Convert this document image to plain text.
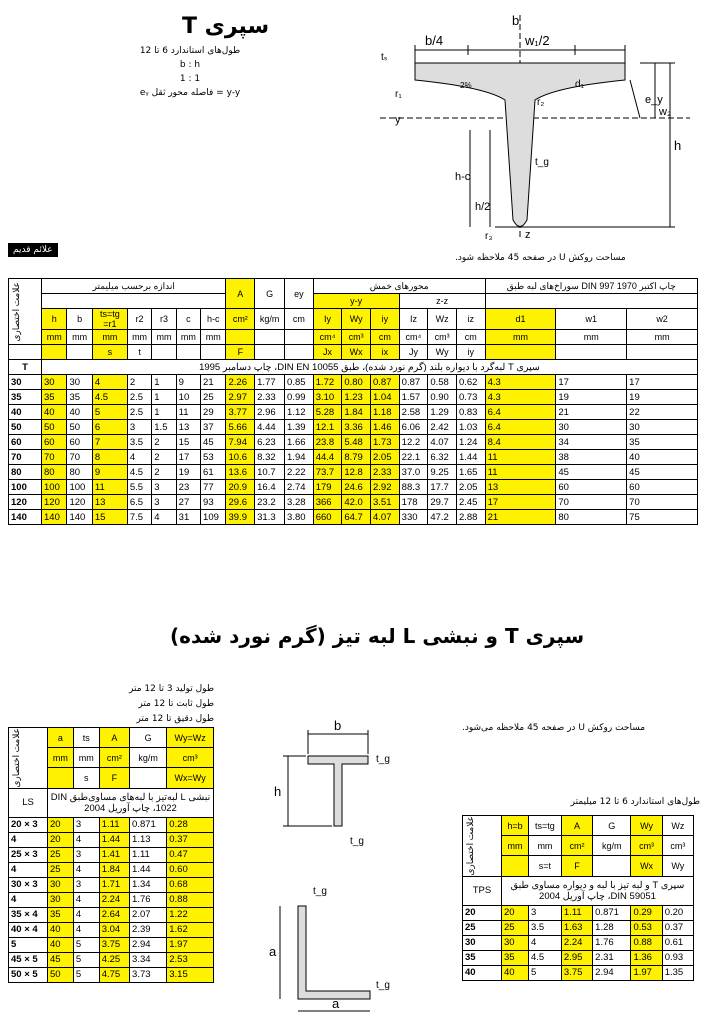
سپری T
طول‌های استاندارد 6 تا 12
b : h
1 : 1
y-y = فاصله محور ثقل eᵧ
b/4	w₁/2
b
tₛ
d₁
e_y
w₂
h
h-c
h/2
t_g
r₁
r₂
r₃
y
z
2%
علائم قدیم
مساحت روکش U در صفحه 45 ملاحظه شود.
علامت اختصاری	اندازه برحسب میلیمتر							A	G	ey	محورهای خمش						سوراخ‌های لبه طبق DIN 997 چاپ اکتبر 1970		
											y-y			z-z					
	h	b	ts=tg =r1	r2	r3	c	h-c	cm²	kg/m	cm	Iy	Wy	iy	Iz	Wz	iz	d1	w1	w2
	mm	mm	mm	mm	mm	mm	mm				cm⁴	cm³	cm	cm⁴	cm³	cm	mm	mm	mm
			s	t				F			Jx	Wx	ix	Jy	Wy	iy			
T	سپری T لبه‌گرد با دیواره بلند (گرم نورد شده)، طبق DIN EN 10055، چاپ دسامبر 1995																		
30	30	30	4	2	1	9	21	2.26	1.77	0.85	1.72	0.80	0.87	0.87	0.58	0.62	4.3	17	17
35	35	35	4.5	2.5	1	10	25	2.97	2.33	0.99	3.10	1.23	1.04	1.57	0.90	0.73	4.3	19	19
40	40	40	5	2.5	1	11	29	3.77	2.96	1.12	5.28	1.84	1.18	2.58	1.29	0.83	6.4	21	22
50	50	50	6	3	1.5	13	37	5.66	4.44	1.39	12.1	3.36	1.46	6.06	2.42	1.03	6.4	30	30
60	60	60	7	3.5	2	15	45	7.94	6.23	1.66	23.8	5.48	1.73	12.2	4.07	1.24	8.4	34	35
70	70	70	8	4	2	17	53	10.6	8.32	1.94	44.4	8.79	2.05	22.1	6.32	1.44	11	38	40
80	80	80	9	4.5	2	19	61	13.6	10.7	2.22	73.7	12.8	2.33	37.0	9.25	1.65	11	45	45
100	100	100	11	5.5	3	23	77	20.9	16.4	2.74	179	24.6	2.92	88.3	17.7	2.05	13	60	60
120	120	120	13	6.5	3	27	93	29.6	23.2	3.28	366	42.0	3.51	178	29.7	2.45	17	70	70
140	140	140	15	7.5	4	31	109	39.9	31.3	3.80	660	64.7	4.07	330	47.2	2.88	21	80	75
سپری T و نبشی L لبه تیز (گرم نورد شده)
طول تولید 3 تا 12 متر
طول ثابت تا 12 متر
طول دقیق تا 12 متر
مساحت روکش U در صفحه 45 ملاحظه می‌شود.
طول‌های استاندارد 6 تا 12 میلیمتر
علامت اختصاری	a	ts	A	G	Wy=Wz
	mm	mm	cm²	kg/m	cm³
		s	F		Wx=Wy
LS	نبشی L لبه‌تیز با لبه‌های مساوی‌طبق DIN 1022، چاپ آوریل 2004				
20 × 3	20	3	1.11	0.871	0.28
4	20	4	1.44	1.13	0.37
25 × 3	25	3	1.41	1.11	0.47
4	25	4	1.84	1.44	0.60
30 × 3	30	3	1.71	1.34	0.68
4	30	4	2.24	1.76	0.88
35 × 4	35	4	2.64	2.07	1.22
40 × 4	40	4	3.04	2.39	1.62
5	40	5	3.75	2.94	1.97
45 × 5	45	5	4.25	3.34	2.53
50 × 5	50	5	4.75	3.73	3.15
b
h
t_g
t_g
t_g
t_g
a
a
علامت اختصاری	h=b	ts=tg	A	G	Wy	Wz
	mm	mm	cm²	kg/m	cm³	cm³
		s=t	F		Wx	Wy
TPS	سپری T و لبه تیز با لبه و دیواره مساوی طبق DIN 59051، چاپ آوریل 2004					
20	20	3	1.11	0.871	0.29	0.20
25	25	3.5	1.63	1.28	0.53	0.37
30	30	4	2.24	1.76	0.88	0.61
35	35	4.5	2.95	2.31	1.36	0.93
40	40	5	3.75	2.94	1.97	1.35
